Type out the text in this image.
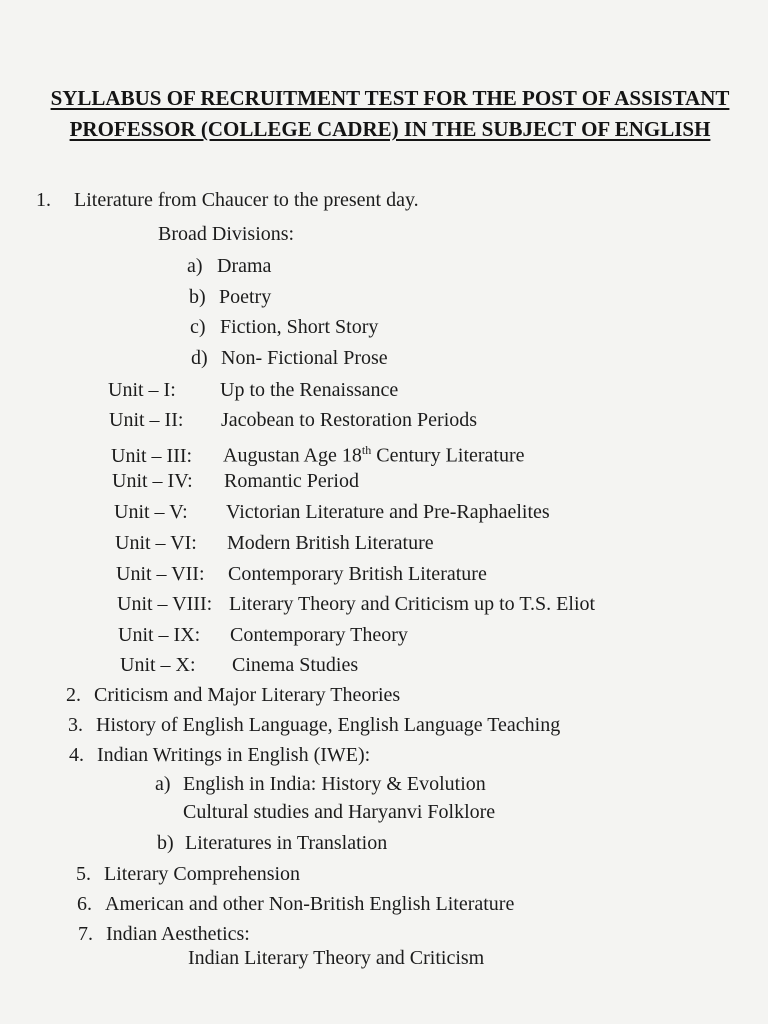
SYLLABUS OF RECRUITMENT TEST FOR THE POST OF ASSISTANT
PROFESSOR (COLLEGE CADRE) IN THE SUBJECT OF ENGLISH
1. Literature from Chaucer to the present day.
Broad Divisions:
a) Drama
b) Poetry
c) Fiction, Short Story
d) Non- Fictional Prose
Unit – I: Up to the Renaissance
Unit – II: Jacobean to Restoration Periods
Unit – III: Augustan Age 18th Century Literature
Unit – IV: Romantic Period
Unit – V: Victorian Literature and Pre-Raphaelites
Unit – VI: Modern British Literature
Unit – VII: Contemporary British Literature
Unit – VIII: Literary Theory and Criticism up to T.S. Eliot
Unit – IX: Contemporary Theory
Unit – X: Cinema Studies
2. Criticism and Major Literary Theories
3. History of English Language, English Language Teaching
4. Indian Writings in English (IWE):
a) English in India: History & Evolution
Cultural studies and Haryanvi Folklore
b) Literatures in Translation
5. Literary Comprehension
6. American and other Non-British English Literature
7. Indian Aesthetics:
Indian Literary Theory and Criticism
